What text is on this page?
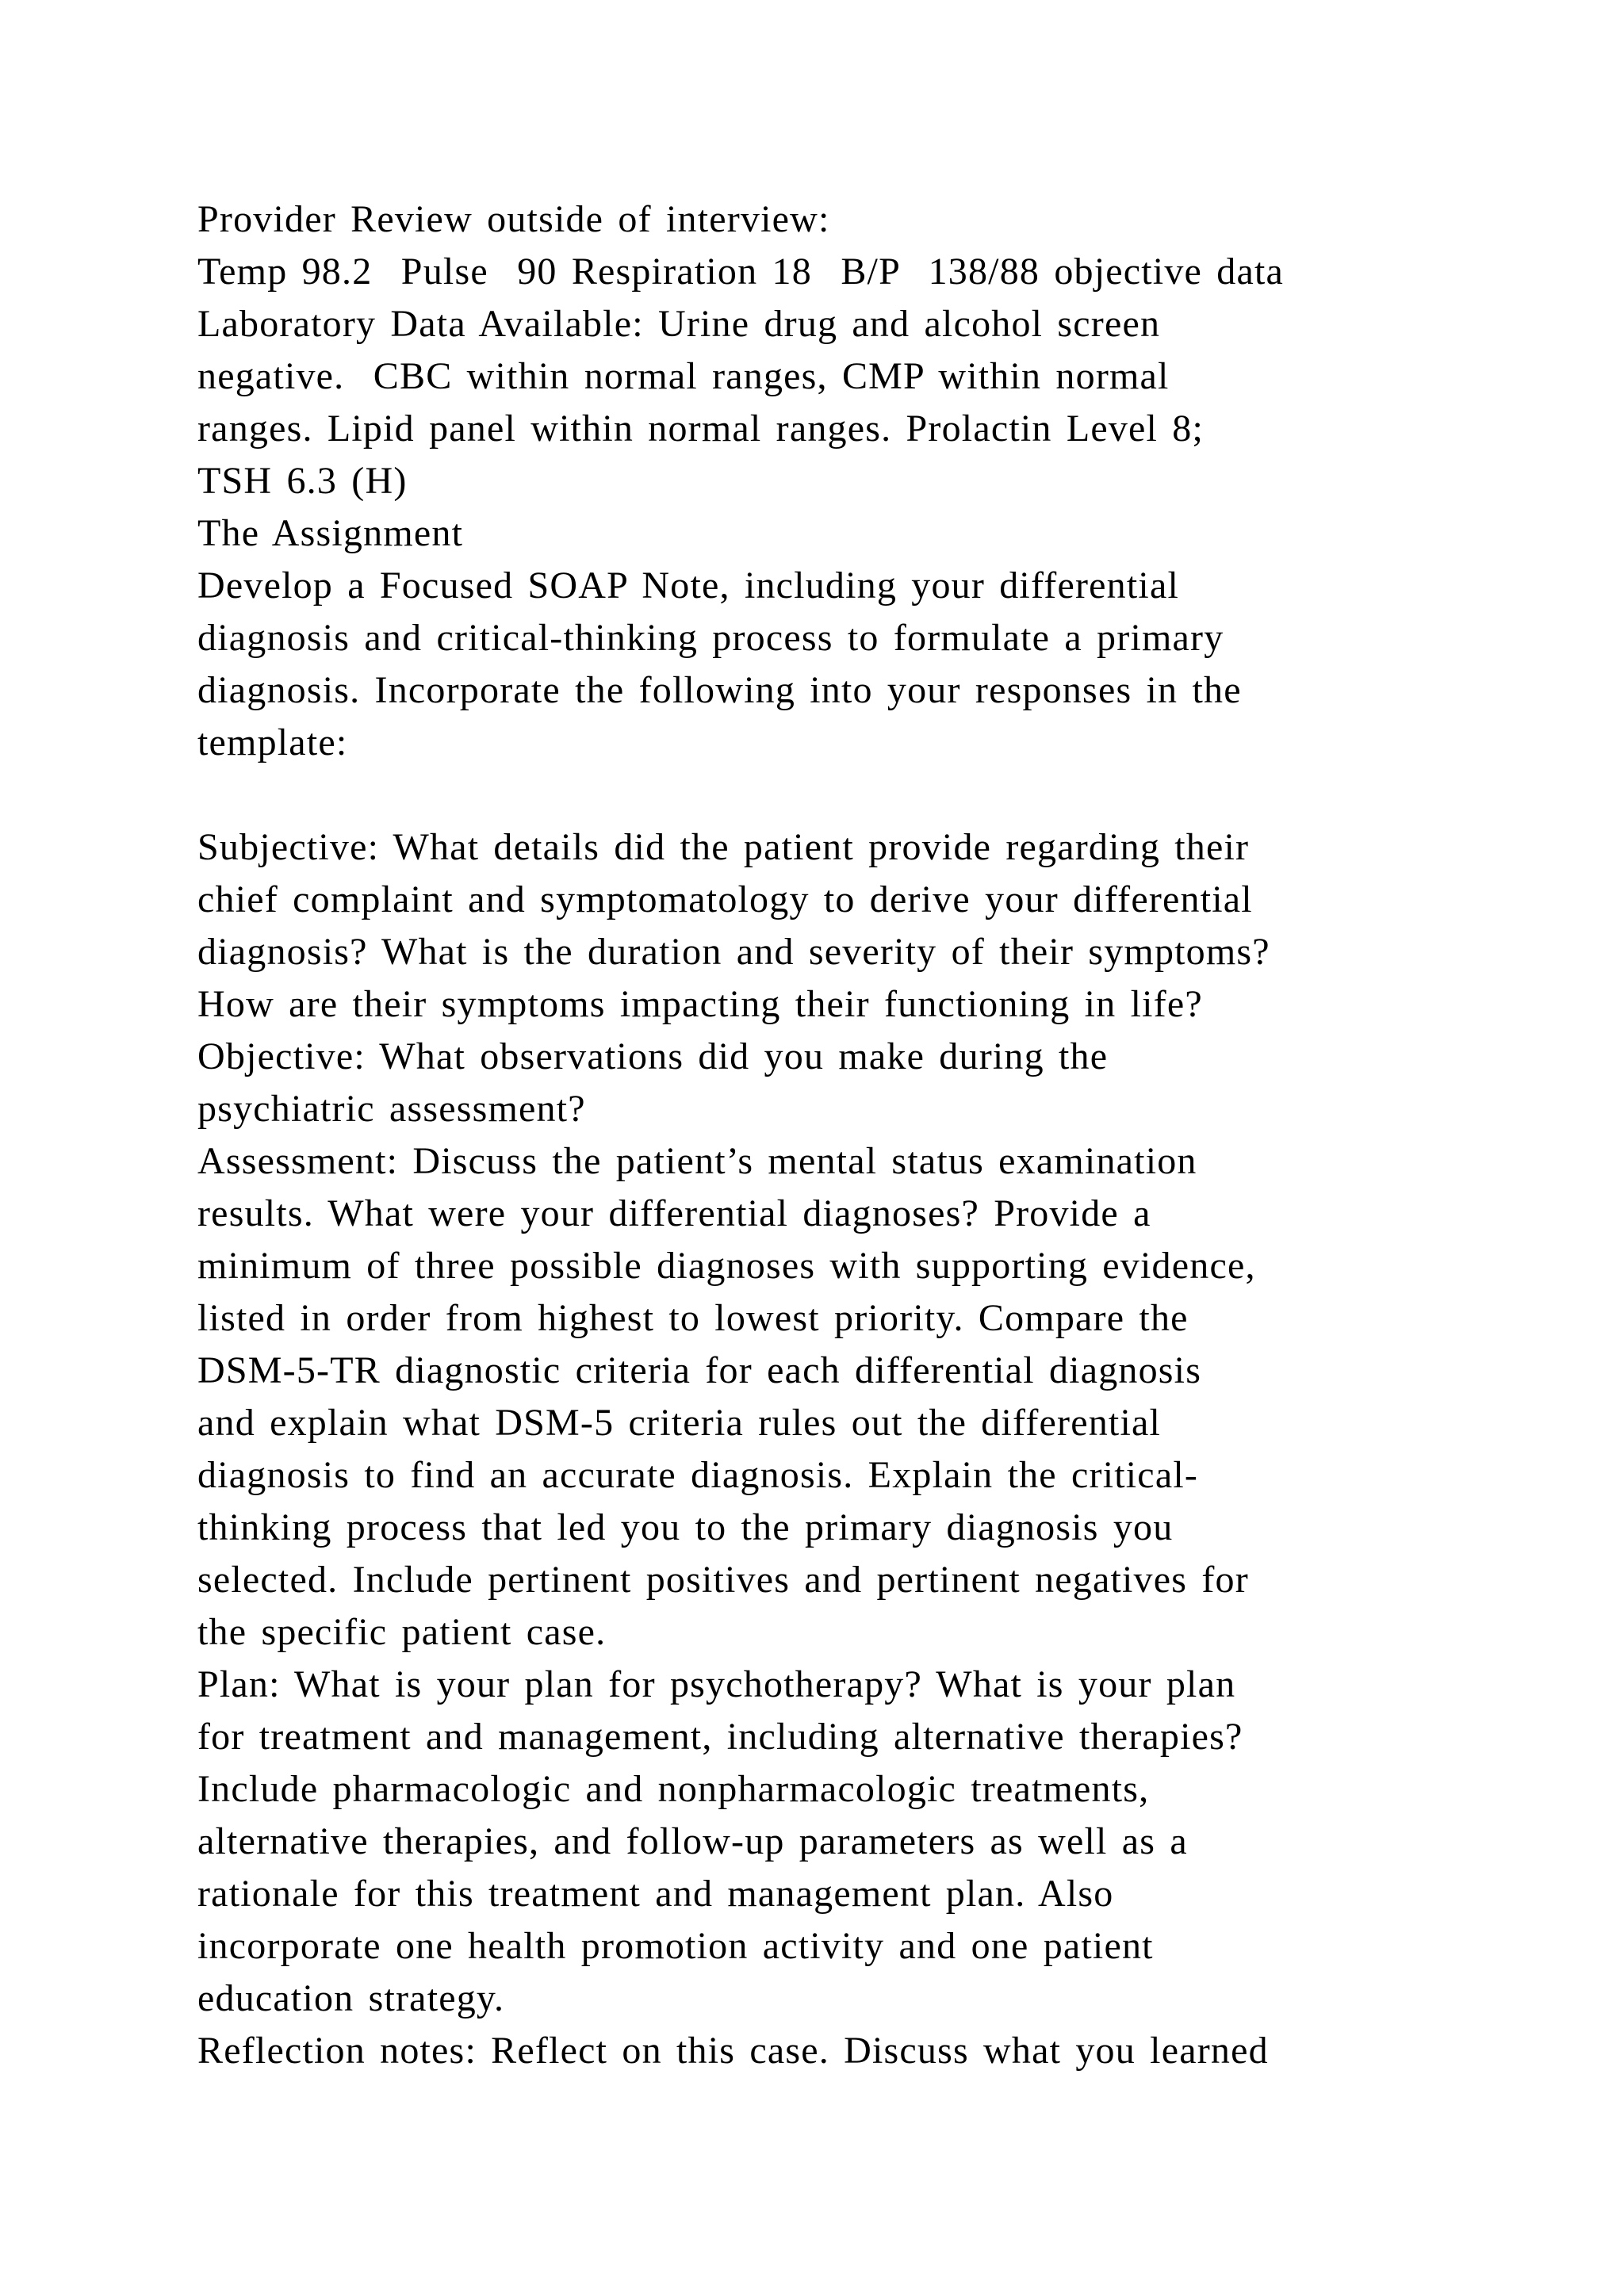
Provider Review outside of interview:
Temp 98.2  Pulse  90 Respiration 18  B/P  138/88 objective data
Laboratory Data Available: Urine drug and alcohol screen
negative.  CBC within normal ranges, CMP within normal
ranges. Lipid panel within normal ranges. Prolactin Level 8;
TSH 6.3 (H)
The Assignment
Develop a Focused SOAP Note, including your differential
diagnosis and critical-thinking process to formulate a primary
diagnosis. Incorporate the following into your responses in the
template:
Subjective: What details did the patient provide regarding their
chief complaint and symptomatology to derive your differential
diagnosis? What is the duration and severity of their symptoms?
How are their symptoms impacting their functioning in life?
Objective: What observations did you make during the
psychiatric assessment?
Assessment: Discuss the patient’s mental status examination
results. What were your differential diagnoses? Provide a
minimum of three possible diagnoses with supporting evidence,
listed in order from highest to lowest priority. Compare the
DSM-5-TR diagnostic criteria for each differential diagnosis
and explain what DSM-5 criteria rules out the differential
diagnosis to find an accurate diagnosis. Explain the critical-
thinking process that led you to the primary diagnosis you
selected. Include pertinent positives and pertinent negatives for
the specific patient case.
Plan: What is your plan for psychotherapy? What is your plan
for treatment and management, including alternative therapies?
Include pharmacologic and nonpharmacologic treatments,
alternative therapies, and follow-up parameters as well as a
rationale for this treatment and management plan. Also
incorporate one health promotion activity and one patient
education strategy.
Reflection notes: Reflect on this case. Discuss what you learned
